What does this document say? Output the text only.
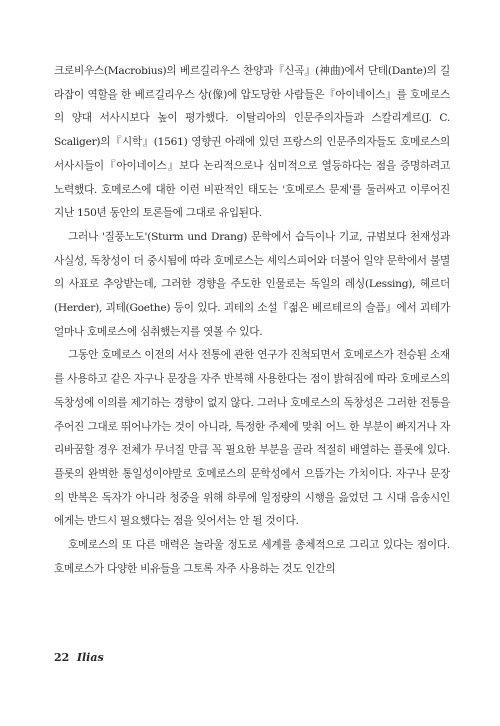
크로비우스(Macrobius)의 베르길리우스 찬양과『신곡』(神曲)에서 단테(Dante)의 길라잡이 역할을 한 베르길리우스 상(像)에 압도당한 사람들은『아이네이스』를 호메로스의 양대 서사시보다 높이 평가했다. 이탈리아의 인문주의자들과 스칼리게르(J. C. Scaliger)의『시학』(1561) 영향권 아래에 있던 프랑스의 인문주의자들도 호메로스의 서사시들이『아이네이스』보다 논리적으로나 심미적으로 열등하다는 점을 증명하려고 노력했다. 호메로스에 대한 이런 비판적인 태도는 '호메로스 문제'를 둘러싸고 이루어진 지난 150년 동안의 토론들에 그대로 유입된다.

그러나 '질풍노도'(Sturm und Drang) 문학에서 습득이나 기교, 규범보다 천재성과 사실성, 독창성이 더 중시됨에 따라 호메로스는 셰익스피어와 더불어 일약 문학에서 불멸의 사표로 추앙받는데, 그러한 경향을 주도한 인물로는 독일의 레싱(Lessing), 헤르더(Herder), 괴테(Goethe) 등이 있다. 괴테의 소설『젊은 베르테르의 슬픔』에서 괴테가 얼마나 호메로스에 심취했는지를 엿볼 수 있다.

그동안 호메로스 이전의 서사 전통에 관한 연구가 진척되면서 호메로스가 전승된 소재를 사용하고 같은 자구나 문장을 자주 반복해 사용한다는 점이 밝혀짐에 따라 호메로스의 독창성에 이의를 제기하는 경향이 없지 않다. 그러나 호메로스의 독창성은 그러한 전통을 주어진 그대로 뛰어나가는 것이 아니라, 특정한 주제에 맞춰 어느 한 부분이 빠지거나 자리바꿈할 경우 전체가 무너질 만큼 꼭 필요한 부분을 골라 적절히 배열하는 플롯에 있다. 플롯의 완벽한 통일성이야말로 호메로스의 문학성에서 으뜸가는 가치이다. 자구나 문장의 반복은 독자가 아니라 청중을 위해 하루에 일정량의 시행을 읊었던 그 시대 음송시인에게는 반드시 필요했다는 점을 잊어서는 안 될 것이다.

호메로스의 또 다른 매력은 놀라울 정도로 세계를 총체적으로 그리고 있다는 점이다. 호메로스가 다양한 비유들을 그토록 자주 사용하는 것도 인간의

22 Ilias
